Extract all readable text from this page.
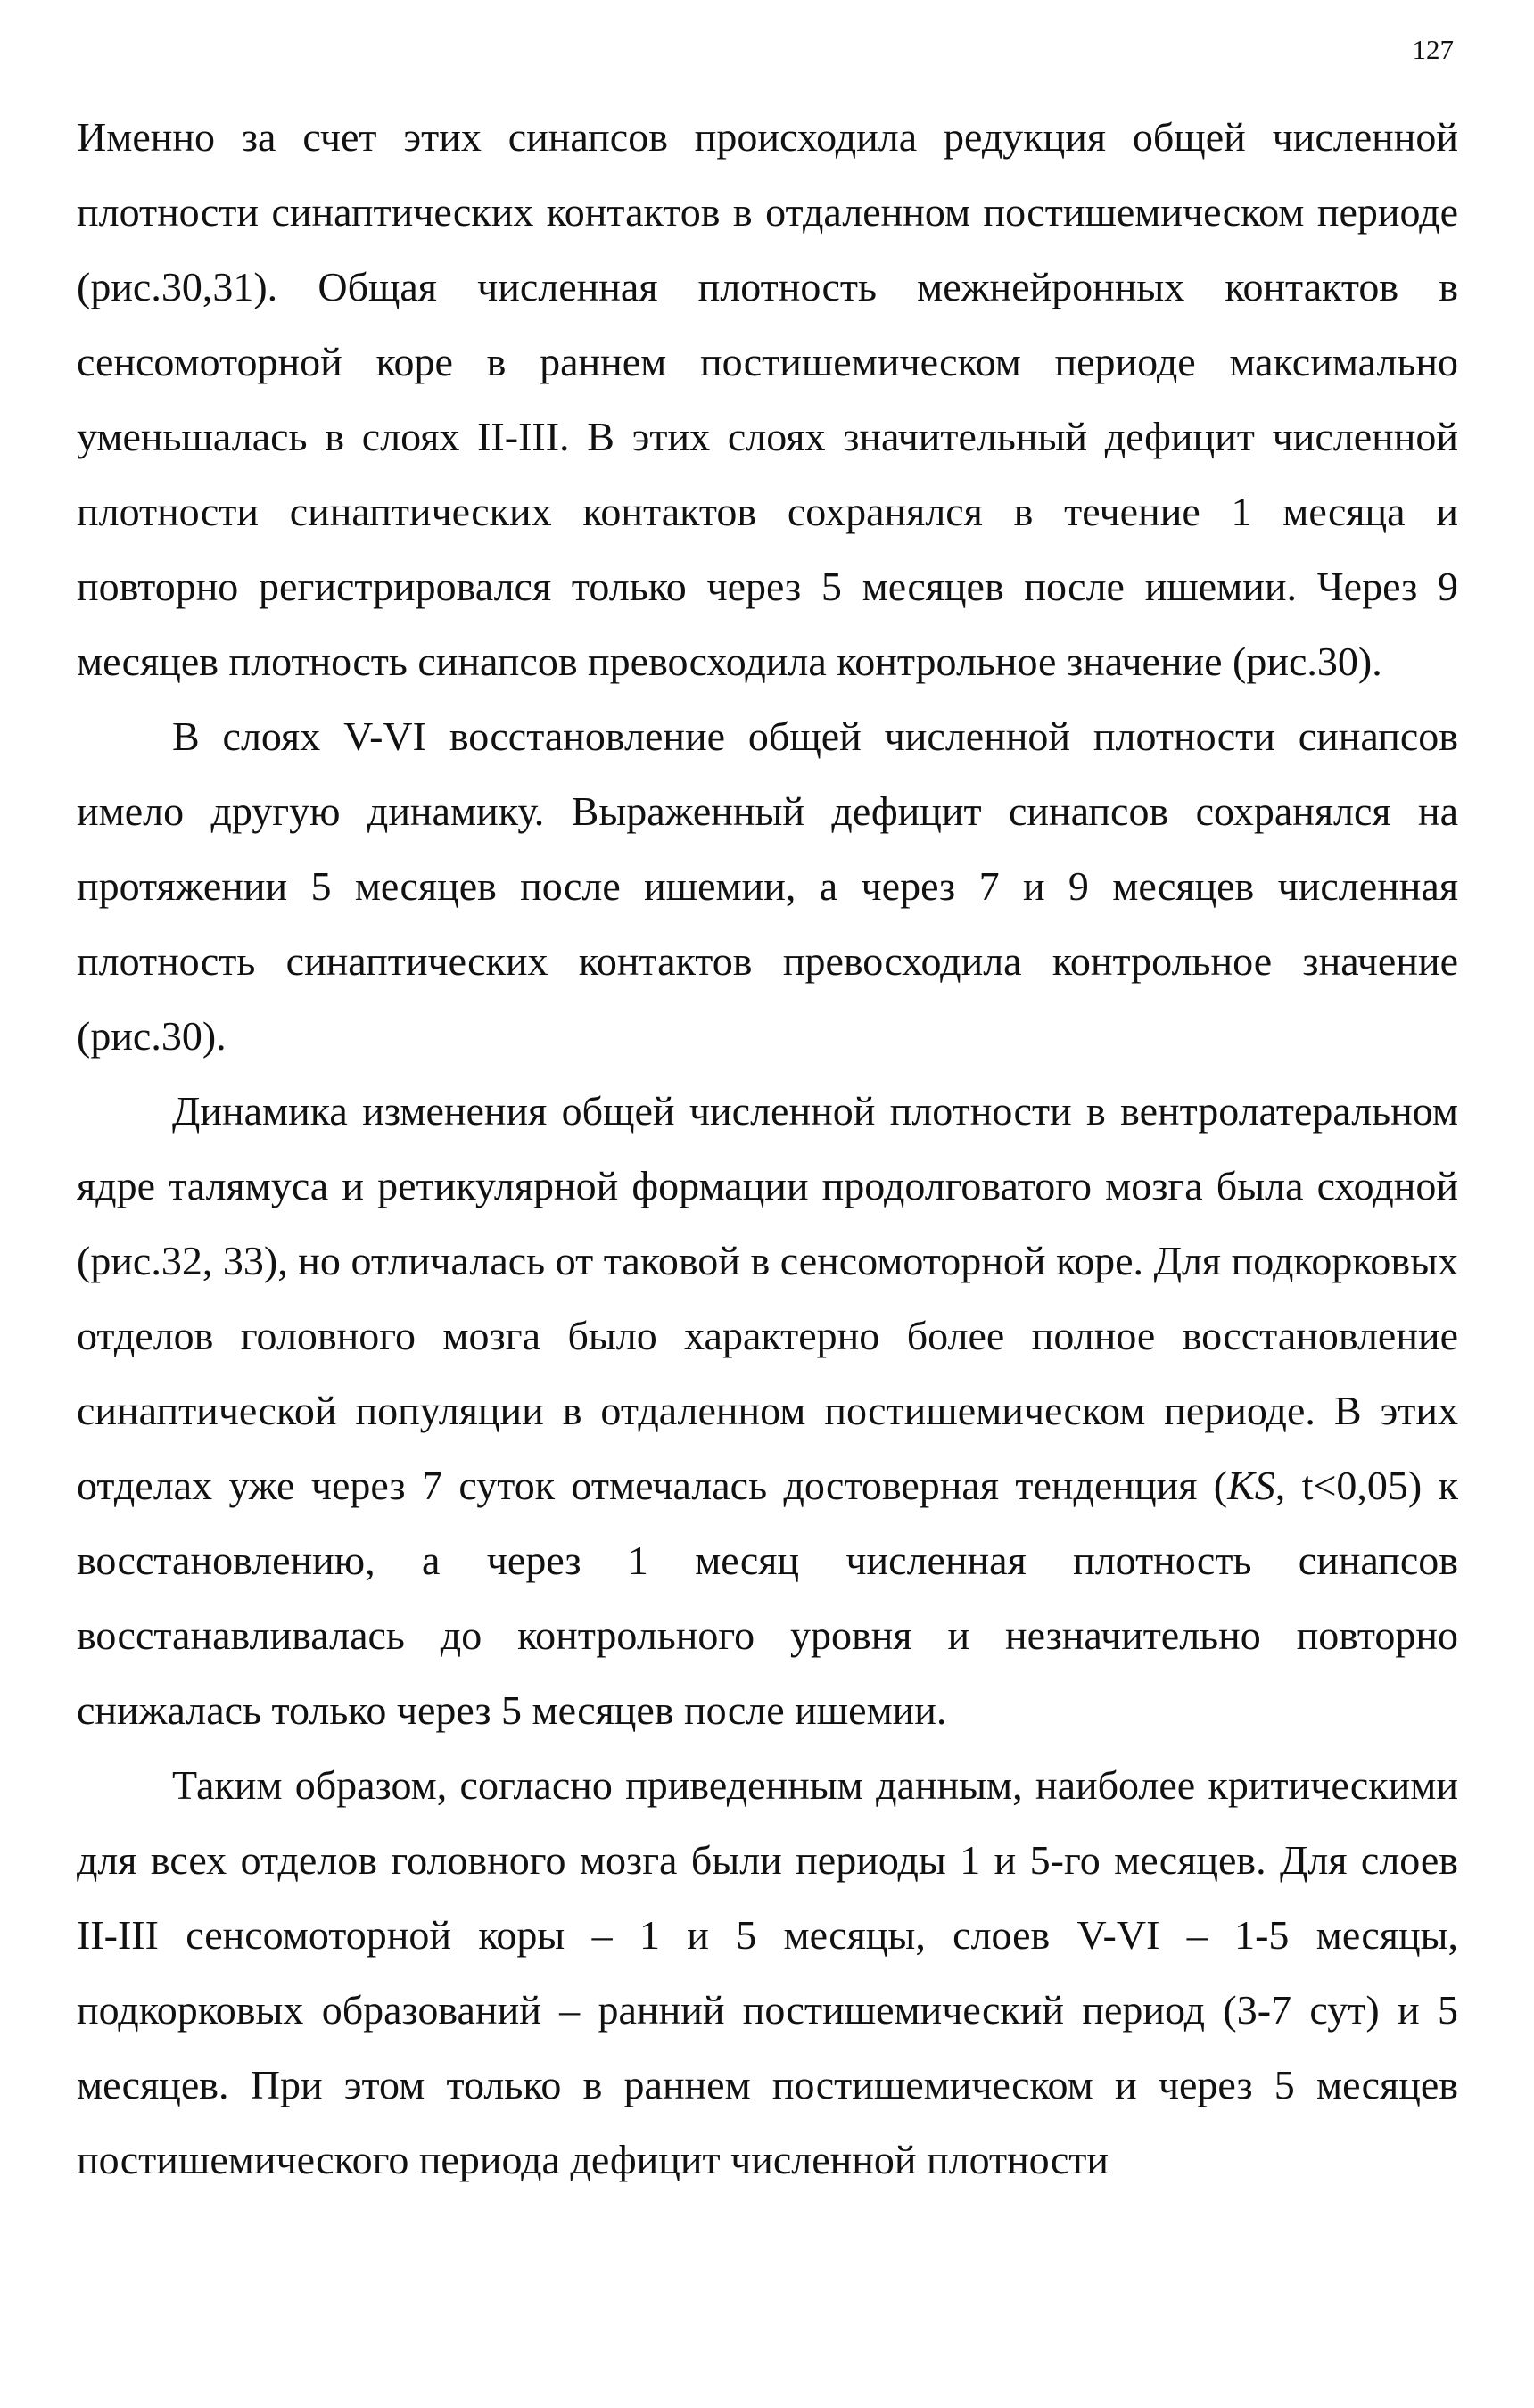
127

Именно за счет этих синапсов происходила редукция общей численной плотности синаптических контактов в отдаленном постишемическом периоде (рис.30,31). Общая численная плотность межнейронных контактов в сенсомоторной коре в раннем постишемическом периоде максимально уменьшалась в слоях II-III. В этих слоях значительный дефицит численной плотности синаптических контактов сохранялся в течение 1 месяца и повторно регистрировался только через 5 месяцев после ишемии. Через 9 месяцев плотность синапсов превосходила контрольное значение (рис.30).

В слоях V-VI восстановление общей численной плотности синапсов имело другую динамику. Выраженный дефицит синапсов сохранялся на протяжении 5 месяцев после ишемии, а через 7 и 9 месяцев численная плотность синаптических контактов превосходила контрольное значение (рис.30).

Динамика изменения общей численной плотности в вентролатеральном ядре талямуса и ретикулярной формации продолговатого мозга была сходной (рис.32, 33), но отличалась от таковой в сенсомоторной коре. Для подкорковых отделов головного мозга было характерно более полное восстановление синаптической популяции в отдаленном постишемическом периоде. В этих отделах уже через 7 суток отмечалась достоверная тенденция (KS, t<0,05) к восстановлению, а через 1 месяц численная плотность синапсов восстанавливалась до контрольного уровня и незначительно повторно снижалась только через 5 месяцев после ишемии.

Таким образом, согласно приведенным данным, наиболее критическими для всех отделов головного мозга были периоды 1 и 5-го месяцев. Для слоев II-III сенсомоторной коры – 1 и 5 месяцы, слоев V-VI – 1-5 месяцы, подкорковых образований – ранний постишемический период (3-7 сут) и 5 месяцев. При этом только в раннем постишемическом и через 5 месяцев постишемического периода дефицит численной плотности
